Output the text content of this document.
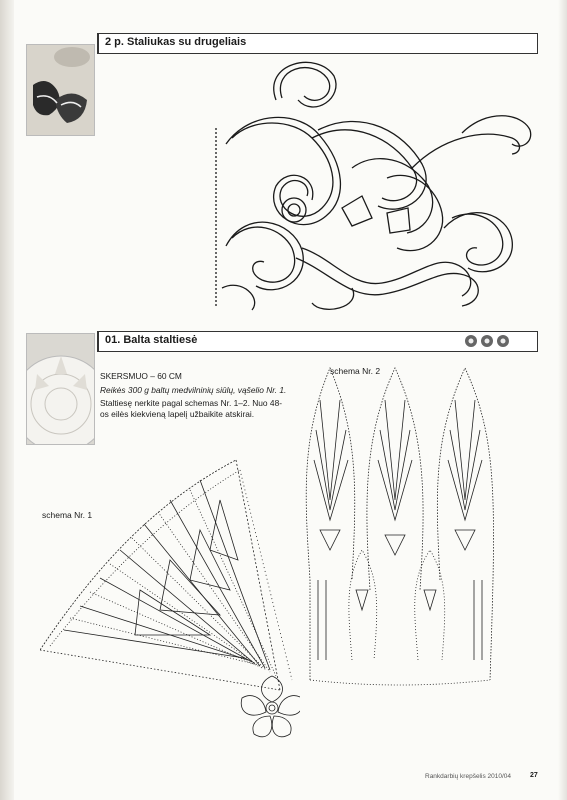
2 p. Staliukas su drugeliais
01. Balta staltiesė

SKERSMUO – 60 CM

Reikės 300 g baltų medvilninių siūlų, vąšelio Nr. 1.

Staltiesę nerkite pagal schemas Nr. 1–2. Nuo 48-os eilės kiekvieną lapelį užbaikite atskirai.

schema Nr. 1
schema Nr. 2
Rankdarbių krepšelis 2010/04	27
